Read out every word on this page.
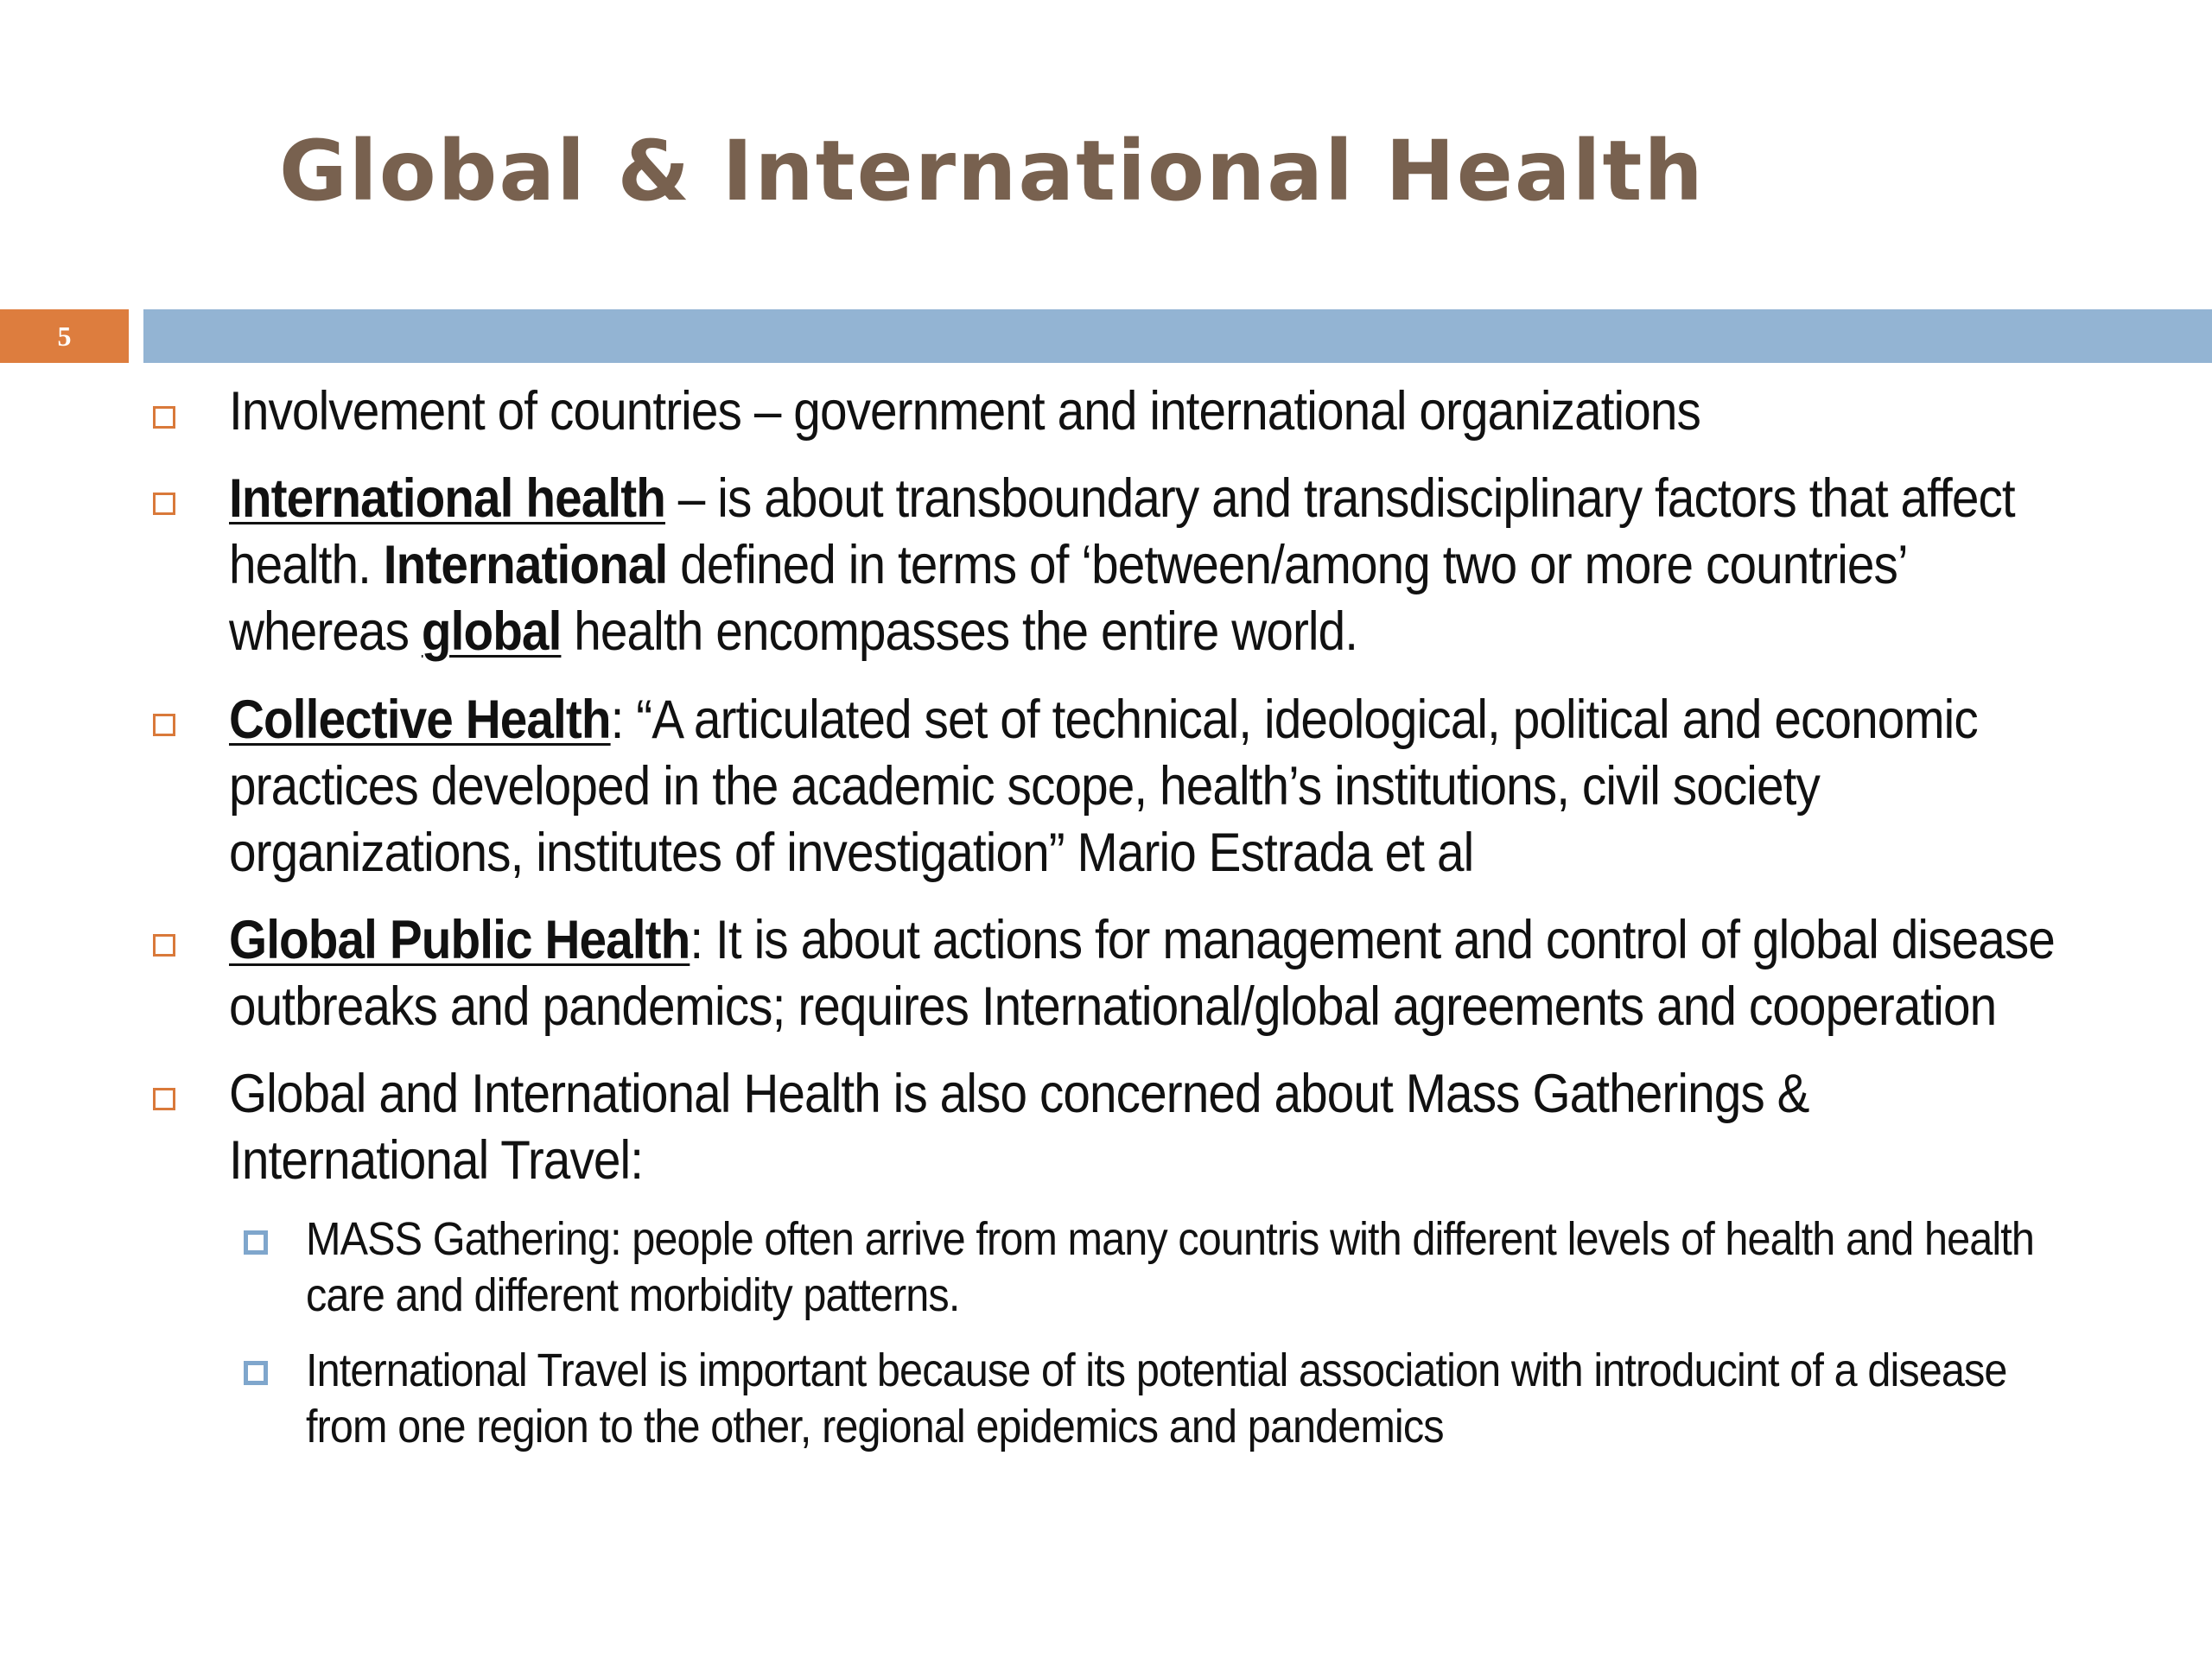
Global & International Health
5

Involvement of countries – government and international organizations

International health – is about transboundary and transdisciplinary factors that affect
health. International defined in terms of ‘between/among two or more countries’
whereas global health encompasses the entire world.

Collective Health: “A articulated set of technical, ideological, political and economic
practices developed in the academic scope, health’s institutions, civil society
organizations, institutes of investigation” Mario Estrada et al

Global Public Health: It is about actions for management and control of global disease
outbreaks and pandemics; requires International/global agreements and cooperation

Global and International Health is also concerned about Mass Gatherings &
International Travel:

MASS Gathering: people often arrive from many countris with different levels of health and health
care and different morbidity patterns.

International Travel is important because of its potential association with introducint of a disease
from one region to the other, regional epidemics and pandemics
